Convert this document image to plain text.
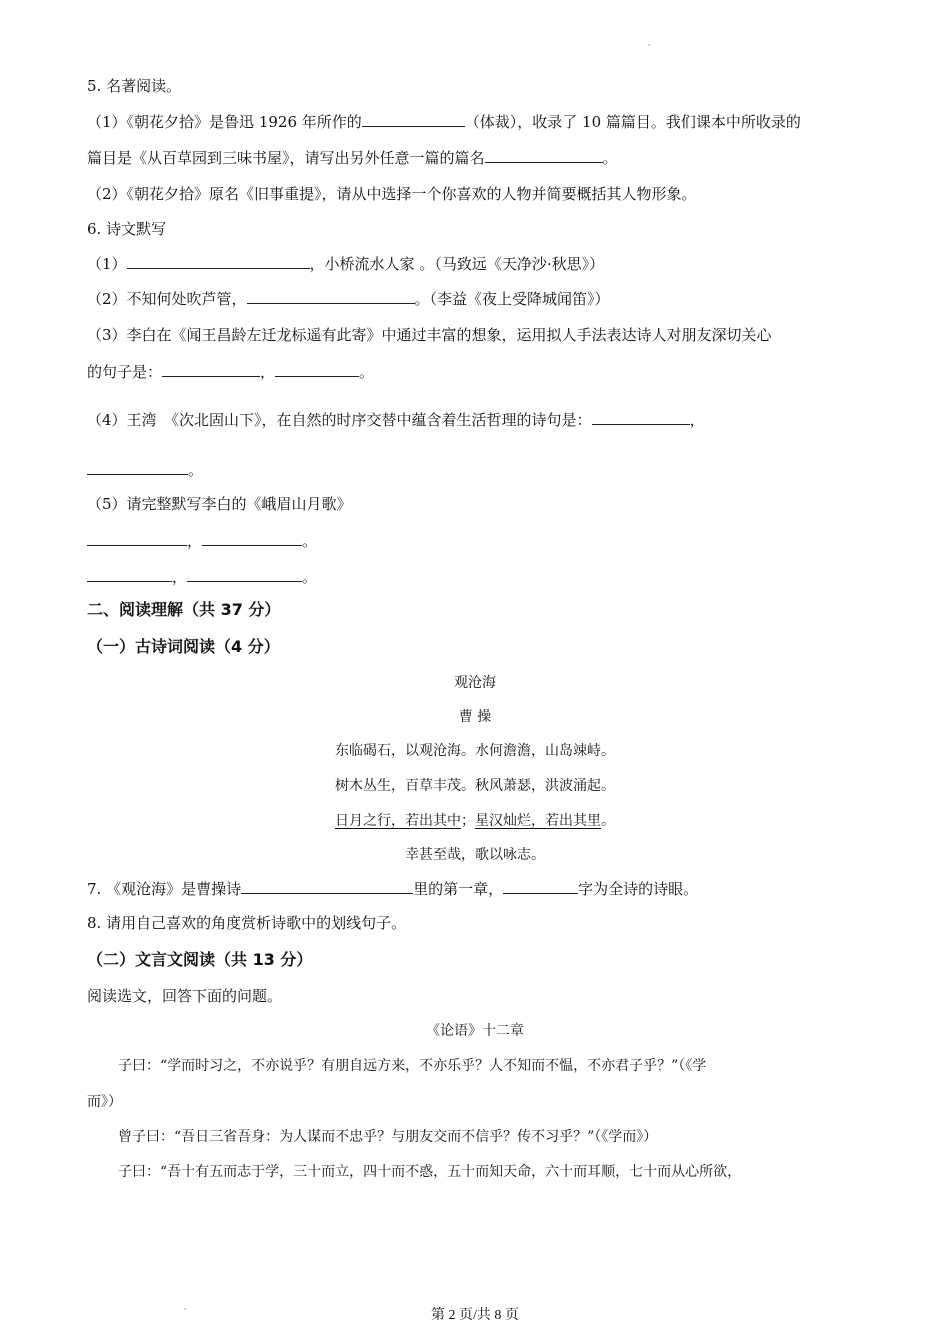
5. 名著阅读。
（1）《朝花夕拾》是鲁迅 1926 年所作的	（体裁），收录了 10 篇篇目。我们课本中所收录的
篇目是《从百草园到三味书屋》，请写出另外任意一篇的篇名	。
（2）《朝花夕拾》原名《旧事重提》，请从中选择一个你喜欢的人物并简要概括其人物形象。
6. 诗文默写
（1）	，小桥流水人家 。（马致远《天净沙·秋思》）
（2）不知何处吹芦管，	。（李益《夜上受降城闻笛》）
（3）李白在《闻王昌龄左迁龙标遥有此寄》中通过丰富的想象，运用拟人手法表达诗人对朋友深切关心
的句子是：	，	。
（4）王湾　《次北固山下》，在自然的时序交替中蕴含着生活哲理的诗句是：	，
。
（5）请完整默写李白的《峨眉山月歌》
，	。
，	。
二、阅读理解（共 37 分）
（一）古诗词阅读（4 分）
观沧海
曹 操
东临碣石，以观沧海。水何澹澹，山岛竦峙。
树木丛生，百草丰茂。秋风萧瑟，洪波涌起。
日月之行，若出其中；星汉灿烂，若出其里。
幸甚至哉，歌以咏志。
7. 《观沧海》是曹操诗	里的第一章，	字为全诗的诗眼。
8. 请用自己喜欢的角度赏析诗歌中的划线句子。
（二）文言文阅读（共 13 分）
阅读选文，回答下面的问题。
《论语》十二章
子曰：“学而时习之，不亦说乎？有朋自远方来，不亦乐乎？人不知而不愠，不亦君子乎？”（《学
而》）
曾子曰：“吾日三省吾身：为人谋而不忠乎？与朋友交而不信乎？传不习乎？”（《学而》）
子曰：“吾十有五而志于学，三十而立，四十而不惑，五十而知天命，六十而耳顺，七十而从心所欲，
第 2 页/共 8 页
